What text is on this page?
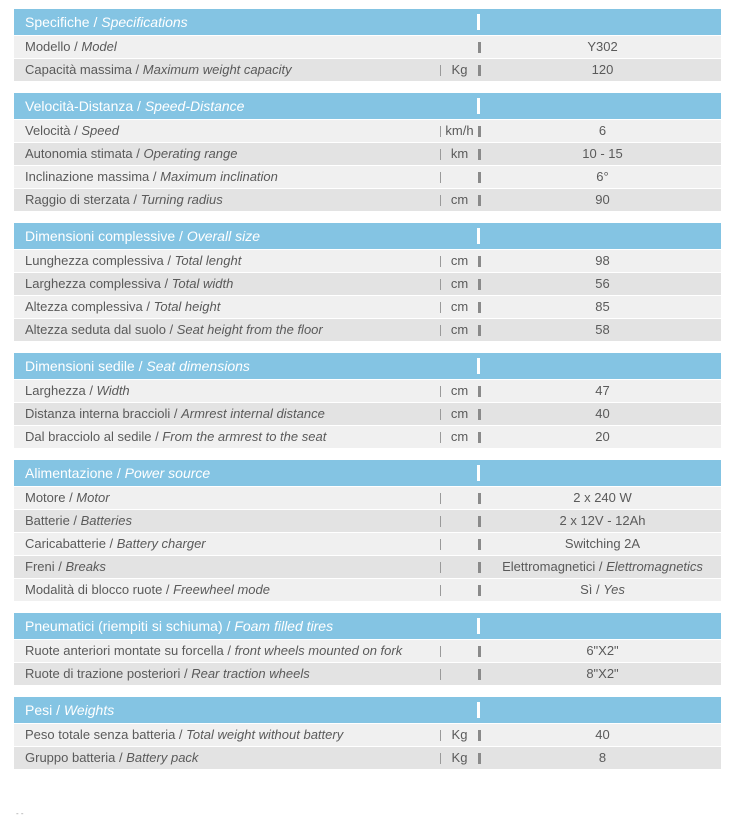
Specifiche / Specifications
Modello / Model	Y302
Capacità massima / Maximum weight capacity	Kg	120
Velocità-Distanza / Speed-Distance
Velocità / Speed	km/h	6
Autonomia stimata / Operating range	km	10 - 15
Inclinazione massima / Maximum inclination	6°
Raggio di sterzata / Turning radius	cm	90
Dimensioni complessive / Overall size
Lunghezza complessiva / Total lenght	cm	98
Larghezza complessiva / Total width	cm	56
Altezza complessiva / Total height	cm	85
Altezza seduta dal suolo / Seat height from the floor	cm	58
Dimensioni sedile / Seat dimensions
Larghezza / Width	cm	47
Distanza interna braccioli / Armrest internal distance	cm	40
Dal bracciolo al sedile / From the armrest to the seat	cm	20
Alimentazione / Power source
Motore / Motor	2 x 240 W
Batterie / Batteries	2 x 12V - 12Ah
Caricabatterie / Battery charger	Switching 2A
Freni / Breaks	Elettromagnetici / Elettromagnetics
Modalità di blocco ruote / Freewheel mode	Sì / Yes
Pneumatici (riempiti si schiuma) / Foam filled tires
Ruote anteriori montate su forcella / front wheels mounted on fork	6"X2"
Ruote di trazione posteriori / Rear traction wheels	8"X2"
Pesi / Weights
Peso totale senza batteria / Total weight without battery	Kg	40
Gruppo batteria / Battery pack	Kg	8
- -
